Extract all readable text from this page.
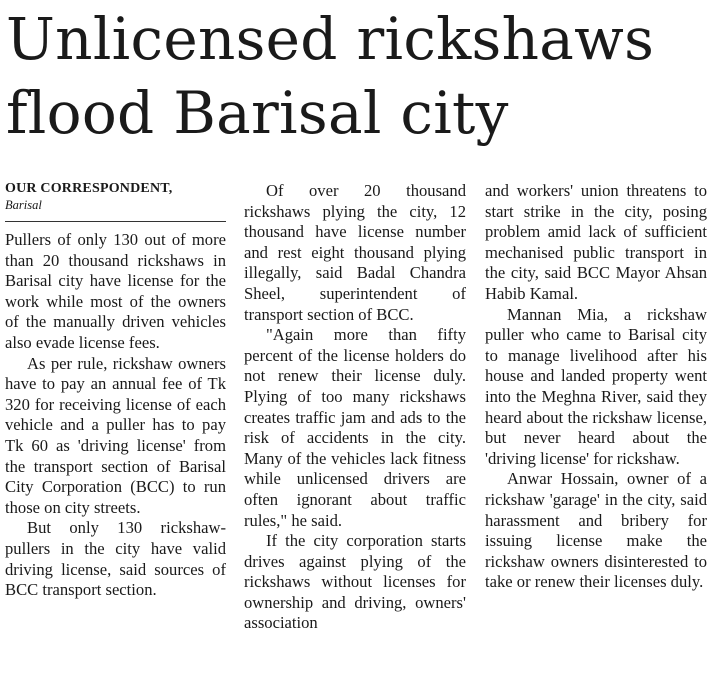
Unlicensed rickshaws
flood Barisal city
OUR CORRESPONDENT,
Barisal

Pullers of only 130 out of more than 20 thousand rickshaws in Barisal city have license for the work while most of the owners of the manually driven vehicles also evade license fees.

As per rule, rickshaw owners have to pay an annual fee of Tk 320 for receiving license of each vehicle and a puller has to pay Tk 60 as 'driving license' from the transport section of Barisal City Corporation (BCC) to run those on city streets.

But only 130 rickshaw-pullers in the city have valid driving license, said sources of BCC transport section.

Of over 20 thousand rickshaws plying the city, 12 thousand have license number and rest eight thousand plying illegally, said Badal Chandra Sheel, superintendent of transport section of BCC.

"Again more than fifty percent of the license holders do not renew their license duly. Plying of too many rickshaws creates traffic jam and ads to the risk of accidents in the city. Many of the vehicles lack fitness while unlicensed drivers are often ignorant about traffic rules," he said.

If the city corporation starts drives against plying of the rickshaws without licenses for ownership and driving, owners' association

and workers' union threatens to start strike in the city, posing problem amid lack of sufficient mechanised public transport in the city, said BCC Mayor Ahsan Habib Kamal.

Mannan Mia, a rickshaw puller who came to Barisal city to manage livelihood after his house and landed property went into the Meghna River, said they heard about the rickshaw license, but never heard about the 'driving license' for rickshaw.

Anwar Hossain, owner of a rickshaw 'garage' in the city, said harassment and bribery for issuing license make the rickshaw owners disinterested to take or renew their licenses duly.
